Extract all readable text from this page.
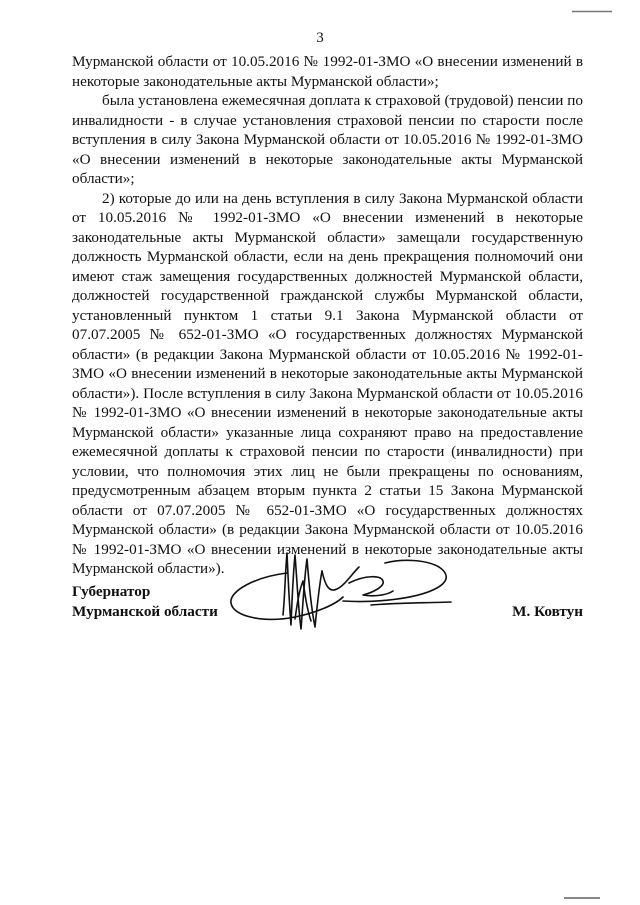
3

Мурманской области от 10.05.2016 № 1992-01-ЗМО «О внесении изменений в некоторые законодательные акты Мурманской области»;

была установлена ежемесячная доплата к страховой (трудовой) пенсии по инвалидности - в случае установления страховой пенсии по старости после вступления в силу Закона Мурманской области от 10.05.2016 № 1992-01-ЗМО «О внесении изменений в некоторые законодательные акты Мурманской области»;

2) которые до или на день вступления в силу Закона Мурманской области от 10.05.2016 № 1992-01-ЗМО «О внесении изменений в некоторые законодательные акты Мурманской области» замещали государственную должность Мурманской области, если на день прекращения полномочий они имеют стаж замещения государственных должностей Мурманской области, должностей государственной гражданской службы Мурманской области, установленный пунктом 1 статьи 9.1 Закона Мурманской области от 07.07.2005 № 652-01-ЗМО «О государственных должностях Мурманской области» (в редакции Закона Мурманской области от 10.05.2016 № 1992-01-ЗМО «О внесении изменений в некоторые законодательные акты Мурманской области»). После вступления в силу Закона Мурманской области от 10.05.2016 № 1992-01-ЗМО «О внесении изменений в некоторые законодательные акты Мурманской области» указанные лица сохраняют право на предоставление ежемесячной доплаты к страховой пенсии по старости (инвалидности) при условии, что полномочия этих лиц не были прекращены по основаниям, предусмотренным абзацем вторым пункта 2 статьи 15 Закона Мурманской области от 07.07.2005 № 652-01-ЗМО «О государственных должностях Мурманской области» (в редакции Закона Мурманской области от 10.05.2016 № 1992-01-ЗМО «О внесении изменений в некоторые законодательные акты Мурманской области»).

Губернатор
Мурманской области	М. Ковтун
